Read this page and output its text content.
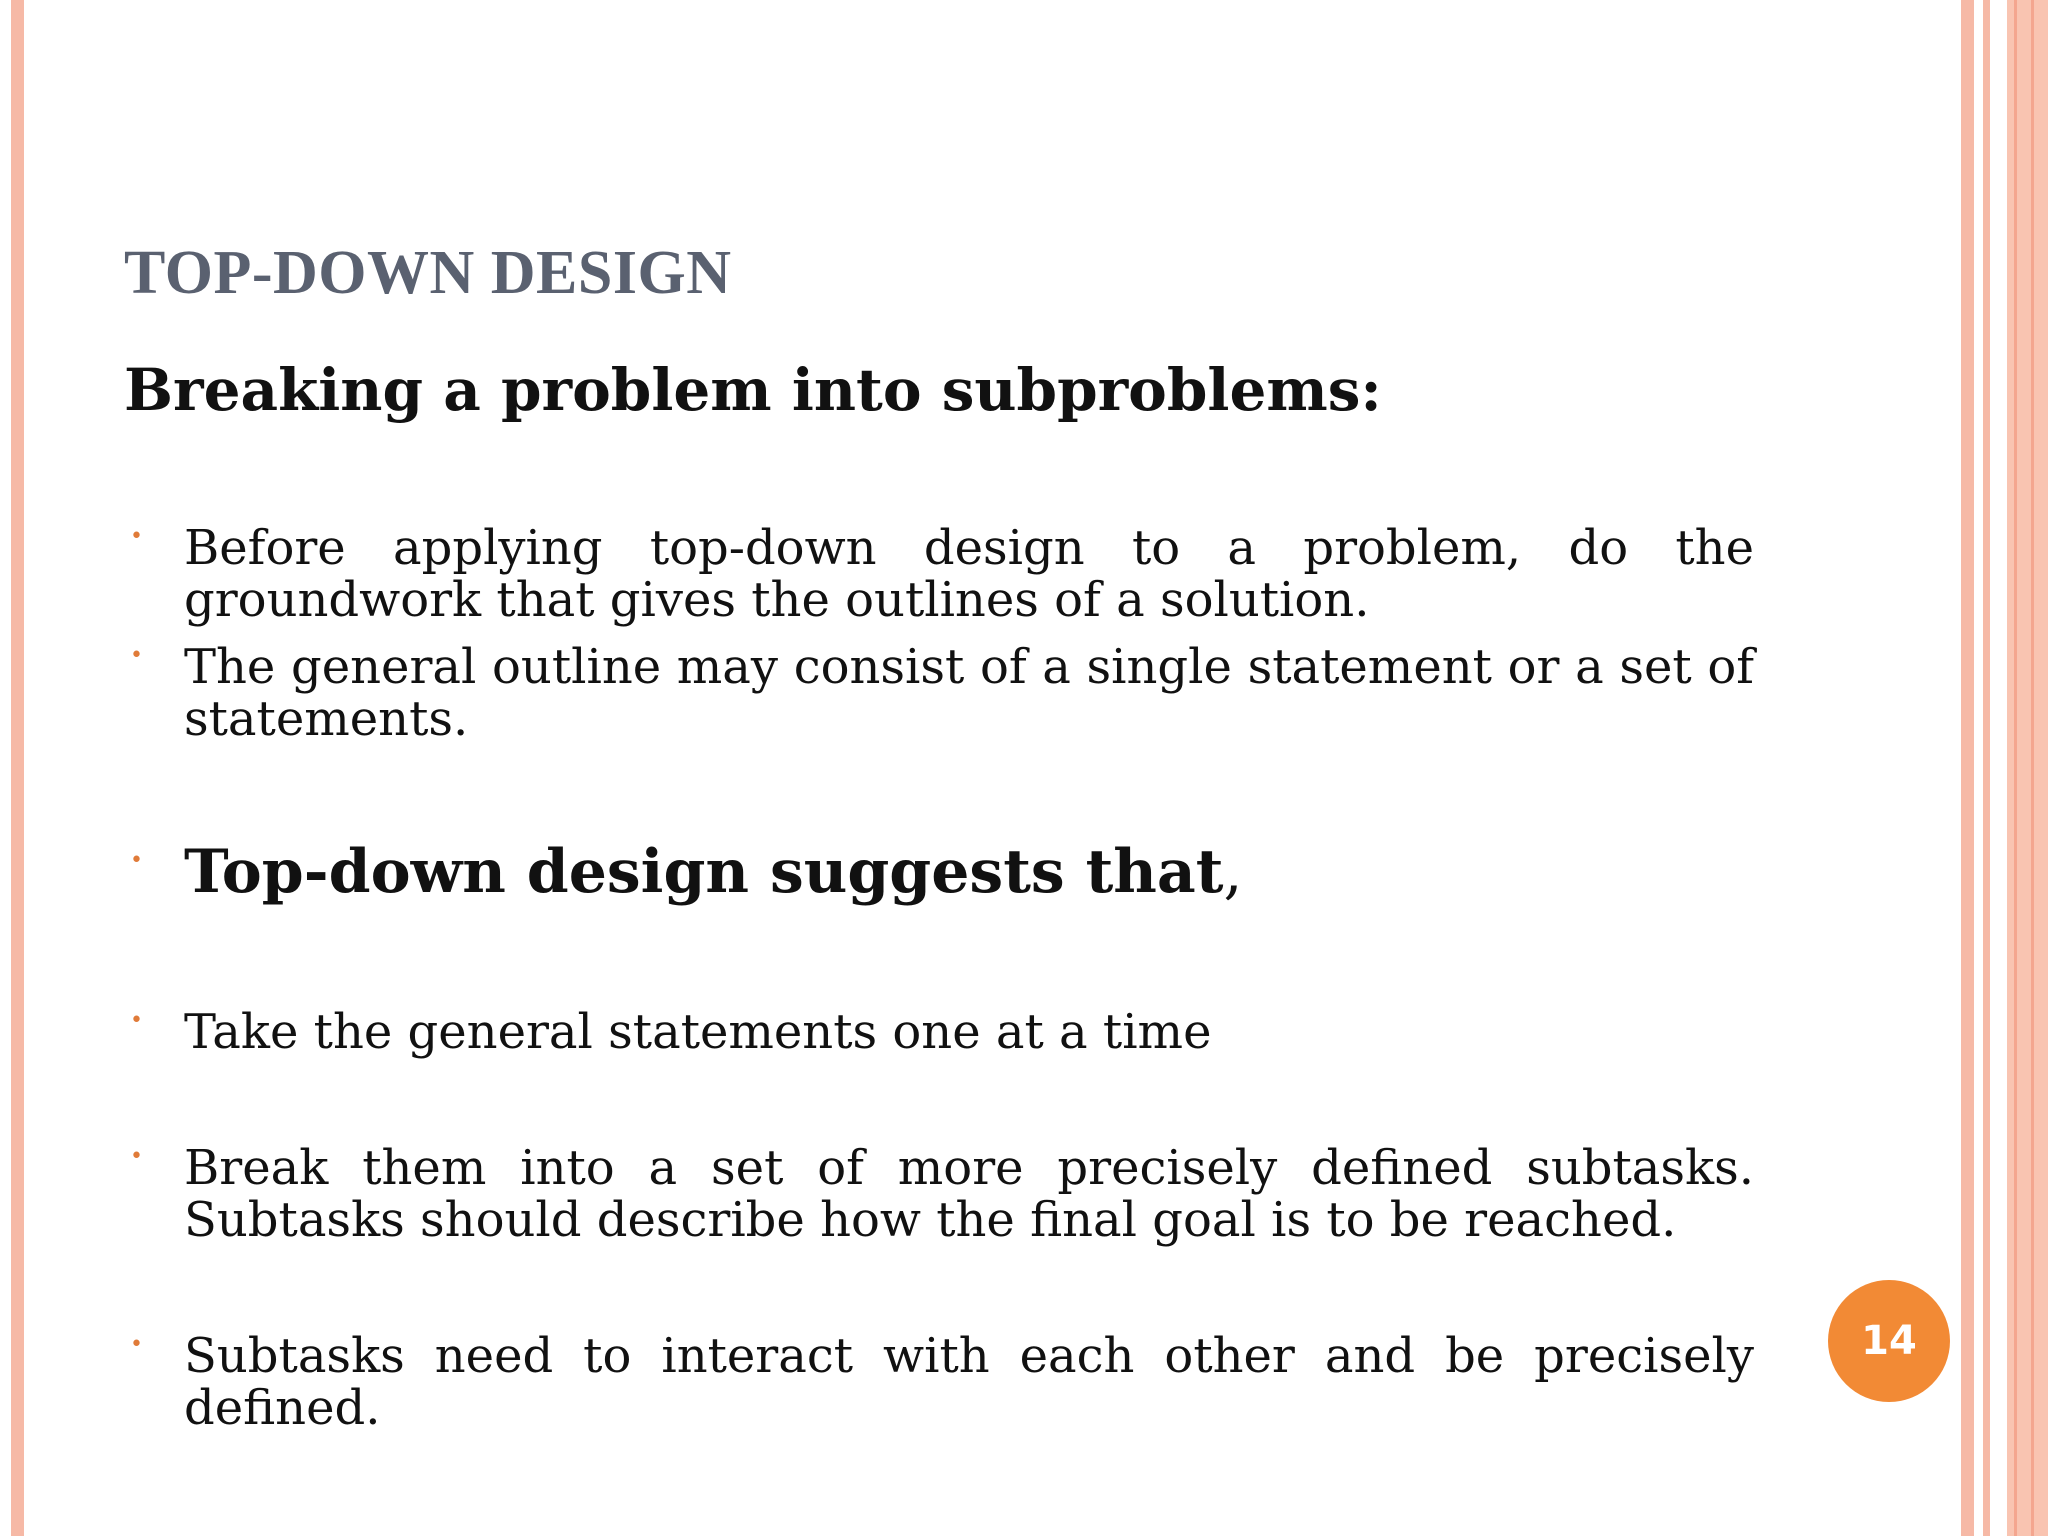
TOP-DOWN DESIGN
Breaking a problem into subproblems:

• Before applying top-down design to a problem, do the groundwork that gives the outlines of a solution.

• The general outline may consist of a single statement or a set of statements.

• Top-down design suggests that,

• Take the general statements one at a time

• Break them into a set of more precisely defined subtasks. Subtasks should describe how the final goal is to be reached.

• Subtasks need to interact with each other and be precisely defined.

14
